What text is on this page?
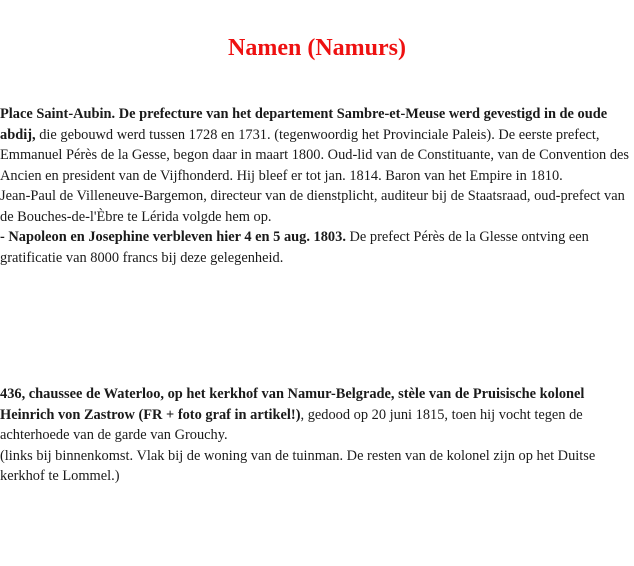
Namen (Namurs)

Place Saint-Aubin. De prefecture van het departement Sambre-et-Meuse werd gevestigd in de oude abdij, die gebouwd werd tussen 1728 en 1731. (tegenwoordig het Provinciale Paleis). De eerste prefect, Emmanuel Pérès de la Gesse, begon daar in maart 1800. Oud-lid van de Constituante, van de Convention des Ancien en president van de Vijfhonderd. Hij bleef er tot jan. 1814. Baron van het Empire in 1810.

Jean-Paul de Villeneuve-Bargemon, directeur van de dienstplicht, auditeur bij de Staatsraad, oud-prefect van de Bouches-de-l'Èbre te Lérida volgde hem op.

- Napoleon en Josephine verbleven hier 4 en 5 aug. 1803. De prefect Pérès de la Glesse ontving een gratificatie van 8000 francs bij deze gelegenheid.

436, chaussee de Waterloo, op het kerkhof van Namur-Belgrade, stèle van de Pruisische kolonel Heinrich von Zastrow (FR + foto graf in artikel!), gedood op 20 juni 1815, toen hij vocht tegen de achterhoede van de garde van Grouchy.

(links bij binnenkomst. Vlak bij de woning van de tuinman. De resten van de kolonel zijn op het Duitse kerkhof te Lommel.)
